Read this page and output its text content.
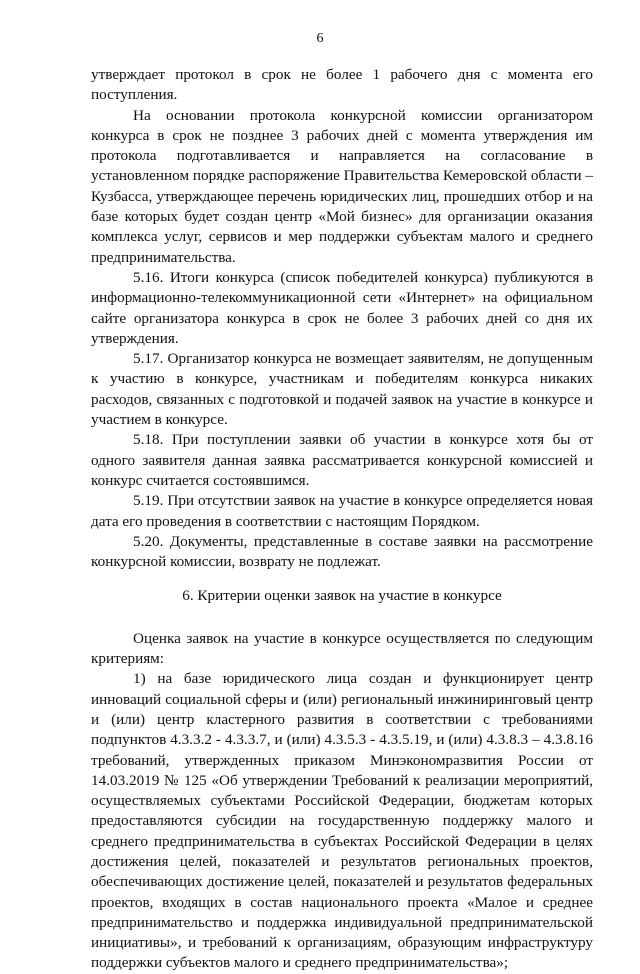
6

утверждает протокол в срок не более 1 рабочего дня с момента его поступления.

На основании протокола конкурсной комиссии организатором конкурса в срок не позднее 3 рабочих дней с момента утверждения им протокола подготавливается и направляется на согласование в установленном порядке распоряжение Правительства Кемеровской области – Кузбасса, утверждающее перечень юридических лиц, прошедших отбор и на базе которых будет создан центр «Мой бизнес» для организации оказания комплекса услуг, сервисов и мер поддержки субъектам малого и среднего предпринимательства.

5.16. Итоги конкурса (список победителей конкурса) публикуются в информационно-телекоммуникационной сети «Интернет» на официальном сайте организатора конкурса в срок не более 3 рабочих дней со дня их утверждения.

5.17. Организатор конкурса не возмещает заявителям, не допущенным к участию в конкурсе, участникам и победителям конкурса никаких расходов, связанных с подготовкой и подачей заявок на участие в конкурсе и участием в конкурсе.

5.18. При поступлении заявки об участии в конкурсе хотя бы от одного заявителя данная заявка рассматривается конкурсной комиссией и конкурс считается состоявшимся.

5.19. При отсутствии заявок на участие в конкурсе определяется новая дата его проведения в соответствии с настоящим Порядком.

5.20. Документы, представленные в составе заявки на рассмотрение конкурсной комиссии, возврату не подлежат.

6. Критерии оценки заявок на участие в конкурсе

Оценка заявок на участие в конкурсе осуществляется по следующим критериям:

1) на базе юридического лица создан и функционирует центр инноваций социальной сферы и (или) региональный инжиниринговый центр и (или) центр кластерного развития в соответствии с требованиями подпунктов 4.3.3.2 - 4.3.3.7, и (или) 4.3.5.3 - 4.3.5.19, и (или) 4.3.8.3 – 4.3.8.16 требований, утвержденных приказом Минэкономразвития России от 14.03.2019 № 125 «Об утверждении Требований к реализации мероприятий, осуществляемых субъектами Российской Федерации, бюджетам которых предоставляются субсидии на государственную поддержку малого и среднего предпринимательства в субъектах Российской Федерации в целях достижения целей, показателей и результатов региональных проектов, обеспечивающих достижение целей, показателей и результатов федеральных проектов, входящих в состав национального проекта «Малое и среднее предпринимательство и поддержка индивидуальной предпринимательской инициативы», и требований к организациям, образующим инфраструктуру поддержки субъектов малого и среднего предпринимательства»;
